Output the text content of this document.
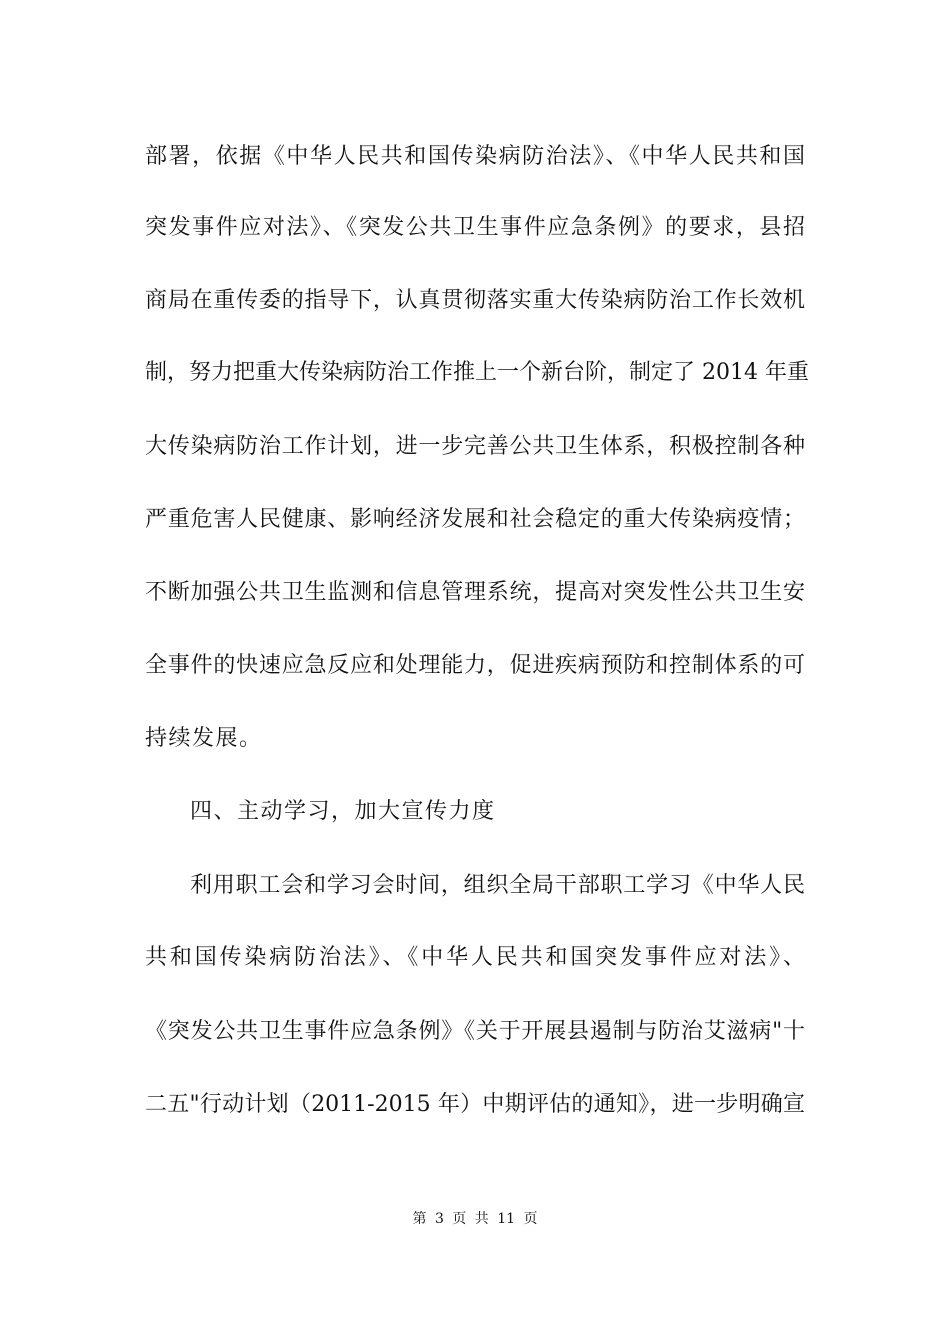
部署，依据《中华人民共和国传染病防治法》、《中华人民共和国
突发事件应对法》、《突发公共卫生事件应急条例》的要求，县招
商局在重传委的指导下，认真贯彻落实重大传染病防治工作长效机
制，努力把重大传染病防治工作推上一个新台阶，制定了 2014 年重
大传染病防治工作计划，进一步完善公共卫生体系，积极控制各种
严重危害人民健康、影响经济发展和社会稳定的重大传染病疫情；
不断加强公共卫生监测和信息管理系统，提高对突发性公共卫生安
全事件的快速应急反应和处理能力，促进疾病预防和控制体系的可
持续发展。
四、主动学习，加大宣传力度
利用职工会和学习会时间，组织全局干部职工学习《中华人民
共和国传染病防治法》、《中华人民共和国突发事件应对法》、
《突发公共卫生事件应急条例》《关于开展县遏制与防治艾滋病"十
二五"行动计划（2011-2015 年）中期评估的通知》，进一步明确宣
第 3 页 共 11 页
